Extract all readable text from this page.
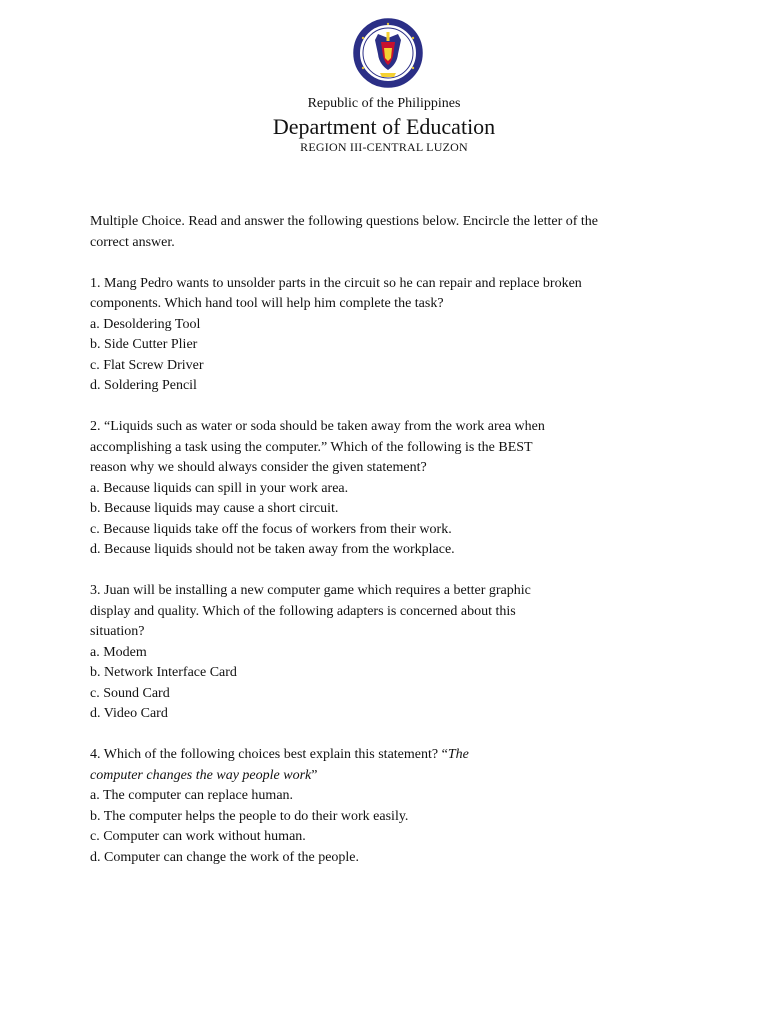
Republic of the Philippines
Department of Education
REGION III-CENTRAL LUZON
Multiple Choice. Read and answer the following questions below. Encircle the letter of the
correct answer.
1. Mang Pedro wants to unsolder parts in the circuit so he can repair and replace broken
components. Which hand tool will help him complete the task?
a. Desoldering Tool
b. Side Cutter Plier
c. Flat Screw Driver
d. Soldering Pencil
2. “Liquids such as water or soda should be taken away from the work area when
accomplishing a task using the computer.” Which of the following is the BEST
reason why we should always consider the given statement?
a. Because liquids can spill in your work area.
b. Because liquids may cause a short circuit.
c. Because liquids take off the focus of workers from their work.
d. Because liquids should not be taken away from the workplace.
3. Juan will be installing a new computer game which requires a better graphic
display and quality. Which of the following adapters is concerned about this
situation?
a. Modem
b. Network Interface Card
c. Sound Card
d. Video Card
4. Which of the following choices best explain this statement? “The
computer changes the way people work”
a. The computer can replace human.
b. The computer helps the people to do their work easily.
c. Computer can work without human.
d. Computer can change the work of the people.
